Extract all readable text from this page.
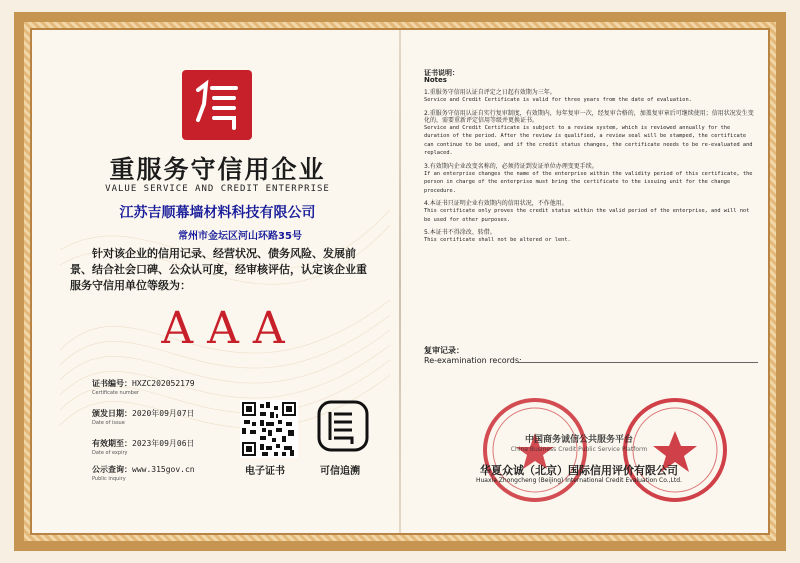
重服务守信用企业
VALUE SERVICE AND CREDIT ENTERPRISE
江苏吉顺幕墙材料科技有限公司
常州市金坛区河山环路35号
针对该企业的信用记录、经营状况、债务风险、发展前景、结合社会口碑、公众认可度，经审核评估，认定该企业重服务守信用单位等级为：
AAA
证书编号：HXZC202052179
Certificate number
颁发日期：2020年09月07日
Date of issue
有效期至：2023年09月06日
Date of expiry
公示查询：www.315gov.cn
Public inquiry
电子证书	可信追溯

证书说明：
Notes

1.重服务守信用认证自评定之日起有效期为三年。
Service and Credit Certificate is valid for three years from the date of evaluation.

2.重服务守信用认证自实行复审制度，有效期内，每年复审一次，经复审合格的，加盖复审章后可继续使用；信用状况发生变化的，需要重新评定信用等级并更换证书。
Service and Credit Certificate is subject to a review system, which is reviewed annually for the duration of the period. After the review is qualified, a review seal will be stamped, the certificate can continue to be used, and if the credit status changes, the certificate needs to be re-evaluated and replaced.

3.有效期内企业改变名称的，必须持证到发证单位办理变更手续。
If an enterprise changes the name of the enterprise within the validity period of this certificate, the person in charge of the enterprise must bring the certificate to the issuing unit for the change procedure.

4.本证书只证明企业有效期内的信用状况，不作他用。
This certificate only proves the credit status within the valid period of the enterprise, and will not be used for other purposes.

5.本证书不得涂改、转借。
This certificate shall not be altered or lent.

复审记录：
Re-examination records:
中国商务诚信公共服务平台
China Business Credit Public Service Platform
华夏众诚（北京）国际信用评价有限公司
Huaxia Zhongcheng (Beijing) International Credit Evaluation Co.,Ltd.
